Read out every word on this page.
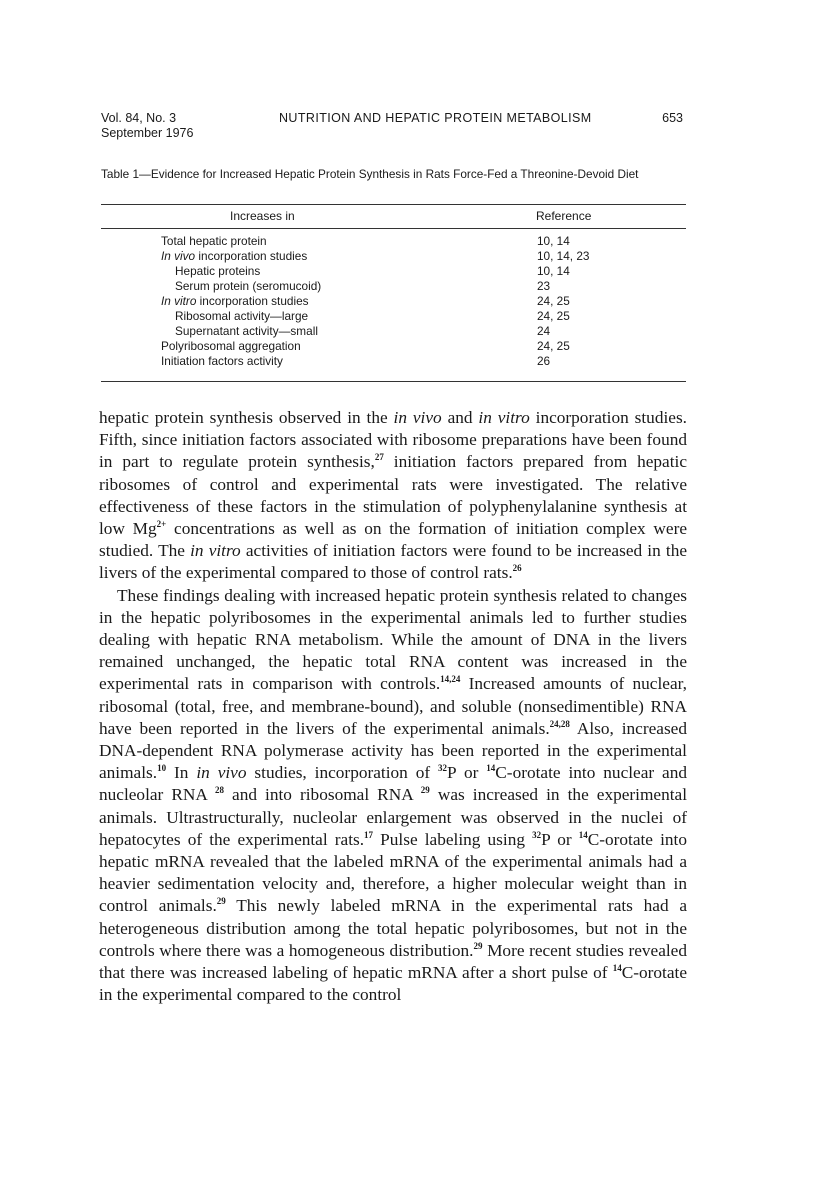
Vol. 84, No. 3
September 1976
NUTRITION AND HEPATIC PROTEIN METABOLISM	653
Table 1—Evidence for Increased Hepatic Protein Synthesis in Rats Force-Fed a Threonine-Devoid Diet
Increases in	Reference
Total hepatic protein	10, 14
In vivo incorporation studies	10, 14, 23
Hepatic proteins	10, 14
Serum protein (seromucoid)	23
In vitro incorporation studies	24, 25
Ribosomal activity—large	24, 25
Supernatant activity—small	24
Polyribosomal aggregation	24, 25
Initiation factors activity	26

hepatic protein synthesis observed in the in vivo and in vitro incorporation studies. Fifth, since initiation factors associated with ribosome preparations have been found in part to regulate protein synthesis,$^{27}$ initiation factors prepared from hepatic ribosomes of control and experimental rats were investigated. The relative effectiveness of these factors in the stimulation of polyphenylalanine synthesis at low $Mg^{2+}$ concentrations as well as on the formation of initiation complex were studied. The in vitro activities of initiation factors were found to be increased in the livers of the experimental compared to those of control rats.$^{26}$

These findings dealing with increased hepatic protein synthesis related to changes in the hepatic polyribosomes in the experimental animals led to further studies dealing with hepatic RNA metabolism. While the amount of DNA in the livers remained unchanged, the hepatic total RNA content was increased in the experimental rats in comparison with controls.$^{14,24}$ Increased amounts of nuclear, ribosomal (total, free, and membrane-bound), and soluble (nonsedimentible) RNA have been reported in the livers of the experimental animals.$^{24,28}$ Also, increased DNA-dependent RNA polymerase activity has been reported in the experimental animals.$^{10}$ In in vivo studies, incorporation of $^{32}$P or $^{14}$C-orotate into nuclear and nucleolar RNA $^{28}$ and into ribosomal RNA $^{29}$ was increased in the experimental animals. Ultrastructurally, nucleolar enlargement was observed in the nuclei of hepatocytes of the experimental rats.$^{17}$ Pulse labeling using $^{32}$P or $^{14}$C-orotate into hepatic mRNA revealed that the labeled mRNA of the experimental animals had a heavier sedimentation velocity and, therefore, a higher molecular weight than in control animals.$^{29}$ This newly labeled mRNA in the experimental rats had a heterogeneous distribution among the total hepatic polyribosomes, but not in the controls where there was a homogeneous distribution.$^{29}$ More recent studies revealed that there was increased labeling of hepatic mRNA after a short pulse of $^{14}$C-orotate in the experimental compared to the control
